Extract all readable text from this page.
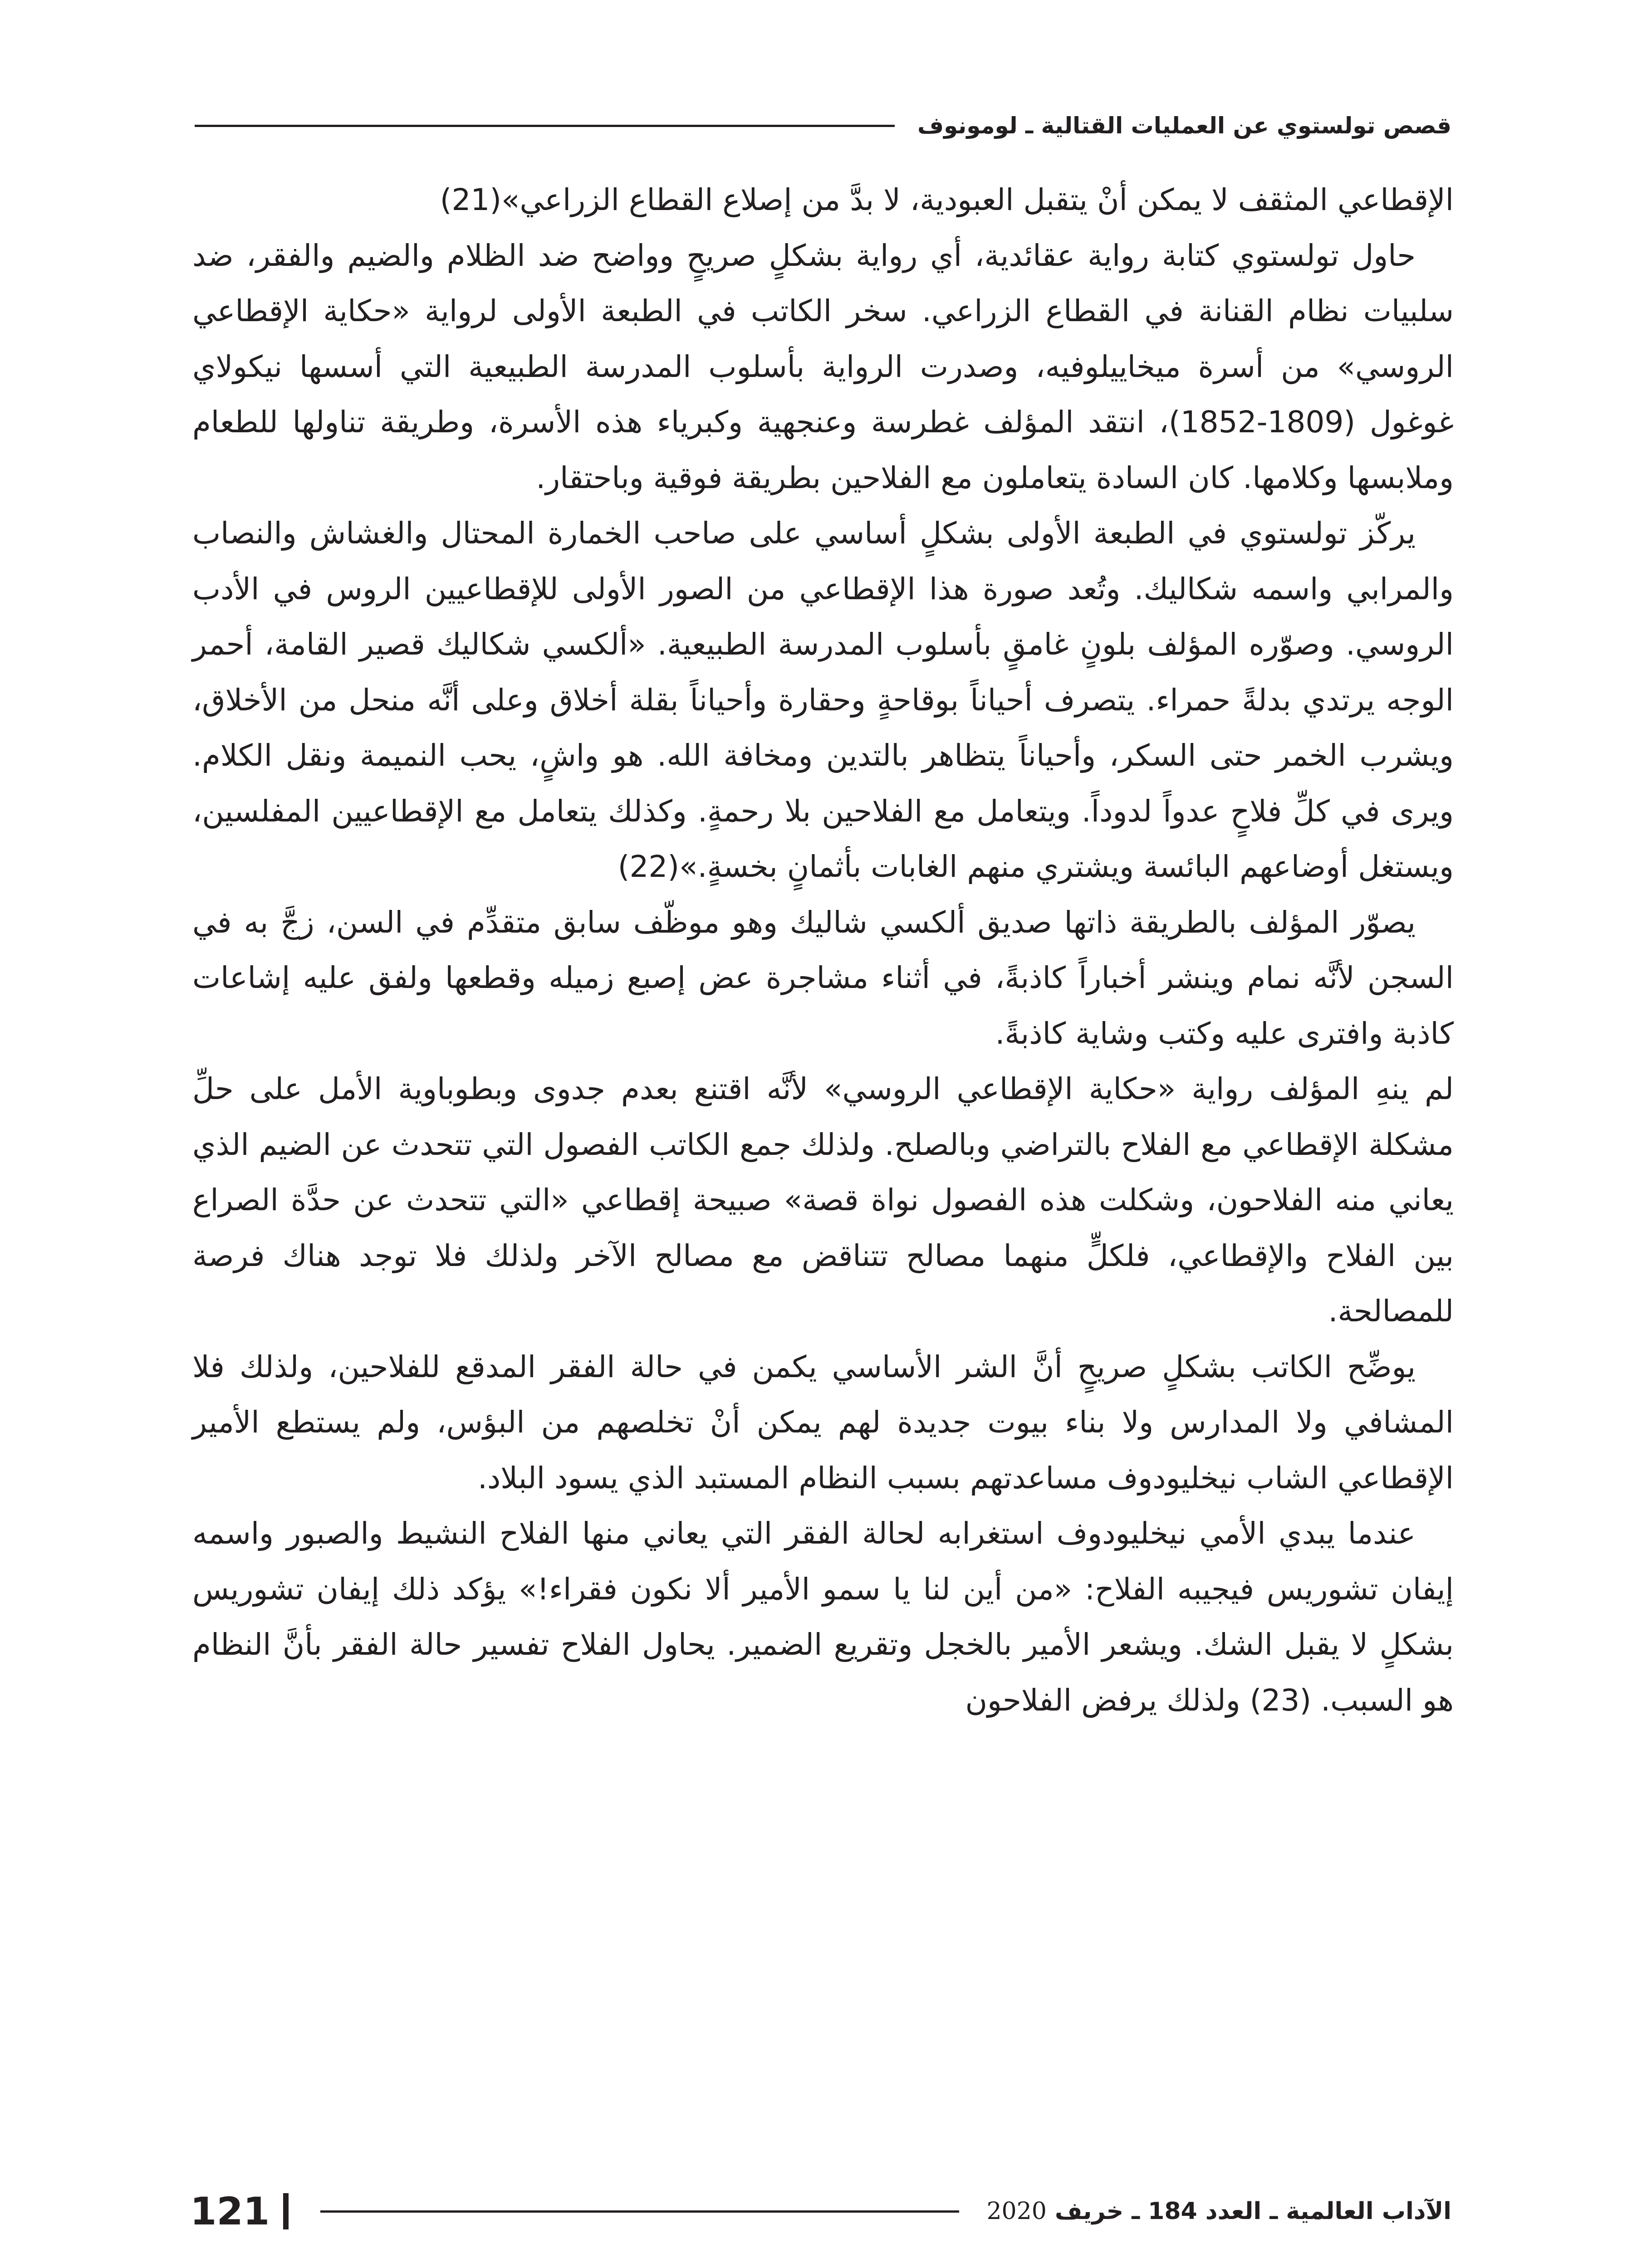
قصص تولستوي عن العمليات القتالية ـ لومونوف

الإقطاعي المثقف لا يمكن أنْ يتقبل العبودية، لا بدَّ من إصلاع القطاع الزراعي»(21)

حاول تولستوي كتابة رواية عقائدية، أي رواية بشكلٍ صريحٍ وواضح ضد الظلام والضيم والفقر، ضد سلبيات نظام القنانة في القطاع الزراعي. سخر الكاتب في الطبعة الأولى لرواية «حكاية الإقطاعي الروسي» من أسرة ميخاييلوفيه، وصدرت الرواية بأسلوب المدرسة الطبيعية التي أسسها نيكولاي غوغول (1809-1852)، انتقد المؤلف غطرسة وعنجهية وكبرياء هذه الأسرة، وطريقة تناولها للطعام وملابسها وكلامها. كان السادة يتعاملون مع الفلاحين بطريقة فوقية وباحتقار.

يركّز تولستوي في الطبعة الأولى بشكلٍ أساسي على صاحب الخمارة المحتال والغشاش والنصاب والمرابي واسمه شكاليك. وتُعد صورة هذا الإقطاعي من الصور الأولى للإقطاعيين الروس في الأدب الروسي. وصوّره المؤلف بلونٍ غامقٍ بأسلوب المدرسة الطبيعية. «ألكسي شكاليك قصير القامة، أحمر الوجه يرتدي بدلةً حمراء. يتصرف أحياناً بوقاحةٍ وحقارة وأحياناً بقلة أخلاق وعلى أنَّه منحل من الأخلاق، ويشرب الخمر حتى السكر، وأحياناً يتظاهر بالتدين ومخافة الله. هو واشٍ، يحب النميمة ونقل الكلام. ويرى في كلِّ فلاحٍ عدواً لدوداً. ويتعامل مع الفلاحين بلا رحمةٍ. وكذلك يتعامل مع الإقطاعيين المفلسين، ويستغل أوضاعهم البائسة ويشتري منهم الغابات بأثمانٍ بخسةٍ.»(22)

يصوّر المؤلف بالطريقة ذاتها صديق ألكسي شاليك وهو موظّف سابق متقدِّم في السن، زجَّ به في السجن لأنَّه نمام وينشر أخباراً كاذبةً، في أثناء مشاجرة عض إصبع زميله وقطعها ولفق عليه إشاعات كاذبة وافترى عليه وكتب وشاية كاذبةً.

لم ينهِ المؤلف رواية «حكاية الإقطاعي الروسي» لأنَّه اقتنع بعدم جدوى وبطوباوية الأمل على حلِّ مشكلة الإقطاعي مع الفلاح بالتراضي وبالصلح. ولذلك جمع الكاتب الفصول التي تتحدث عن الضيم الذي يعاني منه الفلاحون، وشكلت هذه الفصول نواة قصة» صبيحة إقطاعي «التي تتحدث عن حدَّة الصراع بين الفلاح والإقطاعي، فلكلٍّ منهما مصالح تتناقض مع مصالح الآخر ولذلك فلا توجد هناك فرصة للمصالحة.

يوضِّح الكاتب بشكلٍ صريحٍ أنَّ الشر الأساسي يكمن في حالة الفقر المدقع للفلاحين، ولذلك فلا المشافي ولا المدارس ولا بناء بيوت جديدة لهم يمكن أنْ تخلصهم من البؤس، ولم يستطع الأمير الإقطاعي الشاب نيخليودوف مساعدتهم بسبب النظام المستبد الذي يسود البلاد.

عندما يبدي الأمي نيخليودوف استغرابه لحالة الفقر التي يعاني منها الفلاح النشيط والصبور واسمه إيفان تشوريس فيجيبه الفلاح: «من أين لنا يا سمو الأمير ألا نكون فقراء!» يؤكد ذلك إيفان تشوريس بشكلٍ لا يقبل الشك. ويشعر الأمير بالخجل وتقريع الضمير. يحاول الفلاح تفسير حالة الفقر بأنَّ النظام هو السبب. (23) ولذلك يرفض الفلاحون

الآداب العالمية ـ العدد 184 ـ خريف 2020
121
